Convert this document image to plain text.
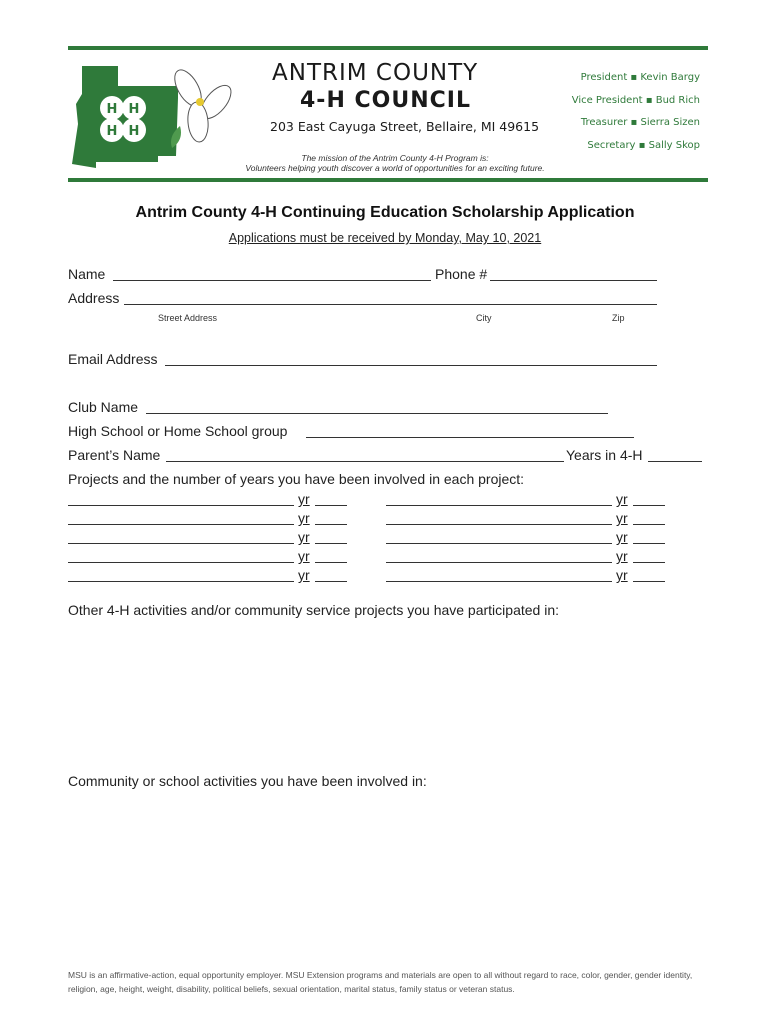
H H
H H
ANTRIM COUNTY
4-H COUNCIL
203 East Cayuga Street, Bellaire, MI 49615
The mission of the Antrim County 4-H Program is:
Volunteers helping youth discover a world of opportunities for an exciting future.
President ▪ Kevin Bargy
Vice President ▪ Bud Rich
Treasurer ▪ Sierra Sizen
Secretary ▪ Sally Skop
Antrim County 4-H Continuing Education Scholarship Application
Applications must be received by Monday, May 10, 2021
Name	Phone #
Address
Street Address	City	Zip
Email Address
Club Name
High School or Home School group
Parent’s Name	Years in 4-H
Projects and the number of years you have been involved in each project:
yr	yr
yr	yr
yr	yr
yr	yr
yr	yr
Other 4-H activities and/or community service projects you have participated in:
Community or school activities you have been involved in:
MSU is an affirmative-action, equal opportunity employer. MSU Extension programs and materials are open to all without regard to race, color, gender, gender identity, religion, age, height, weight, disability, political beliefs, sexual orientation, marital status, family status or veteran status.
